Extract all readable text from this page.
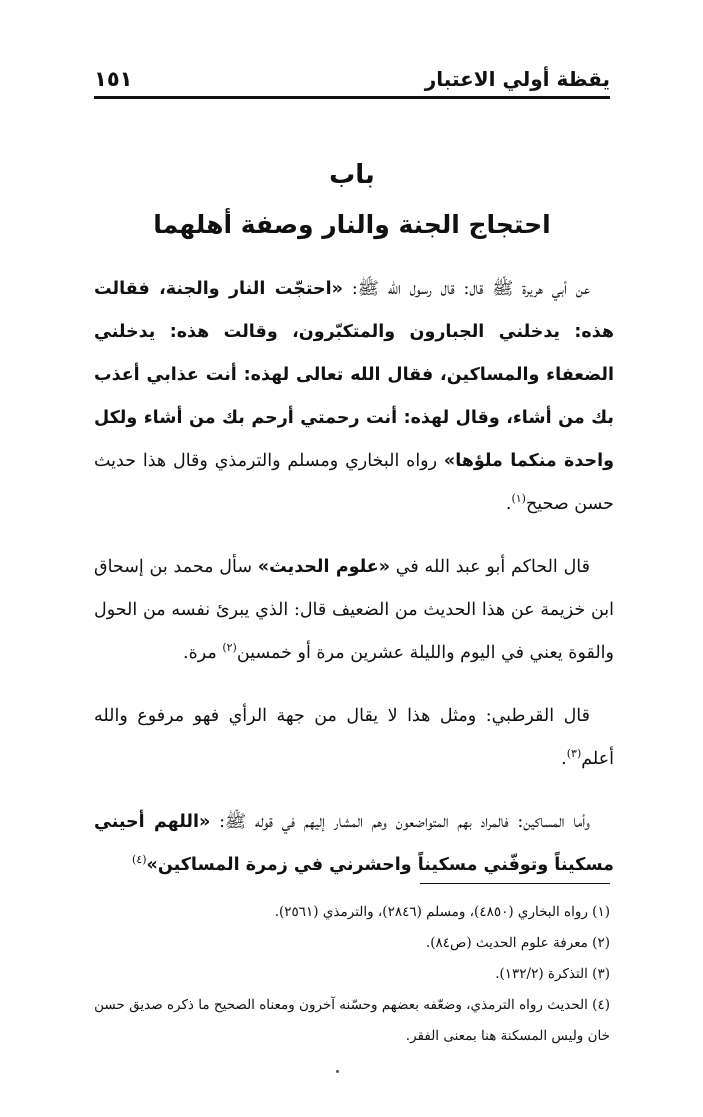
يقظة أولي الاعتبار
١٥١
باب
احتجاج الجنة والنار وصفة أهلهما

عن أبي هريرة ﷺ قال: قال رسول الله ﷺ: «احتجّت النار والجنة، فقالت هذه: يدخلني الجبارون والمتكبّرون، وقالت هذه: يدخلني الضعفاء والمساكين، فقال الله تعالى لهذه: أنت عذابي أعذب بك من أشاء، وقال لهذه: أنت رحمتي أرحم بك من أشاء ولكل واحدة منكما ملؤها» رواه البخاري ومسلم والترمذي وقال هذا حديث حسن صحيح$^{(١)}$.

قال الحاكم أبو عبد الله في «علوم الحديث» سأل محمد بن إسحاق ابن خزيمة عن هذا الحديث من الضعيف قال: الذي يبرئ نفسه من الحول والقوة يعني في اليوم والليلة عشرين مرة أو خمسين$^{(٢)}$ مرة.

قال القرطبي: ومثل هذا لا يقال من جهة الرأي فهو مرفوع والله أعلم$^{(٣)}$.

وأما المساكين: فالمراد بهم المتواضعون وهم المشار إليهم في قوله ﷺ: «اللهم أحيني مسكيناً وتوفّني مسكيناً واحشرني في زمرة المساكين»$^{(٤)}$

(١) رواه البخاري (٤٨٥٠)، ومسلم (٢٨٤٦)، والترمذي (٢٥٦١).

(٢) معرفة علوم الحديث (ص٨٤).

(٣) التذكرة (١٣٢/٢).

(٤) الحديث رواه الترمذي، وضعّفه بعضهم وحسّنه آخرون ومعناه الصحيح ما ذكره صديق حسن خان وليس المسكنة هنا بمعنى الفقر.
